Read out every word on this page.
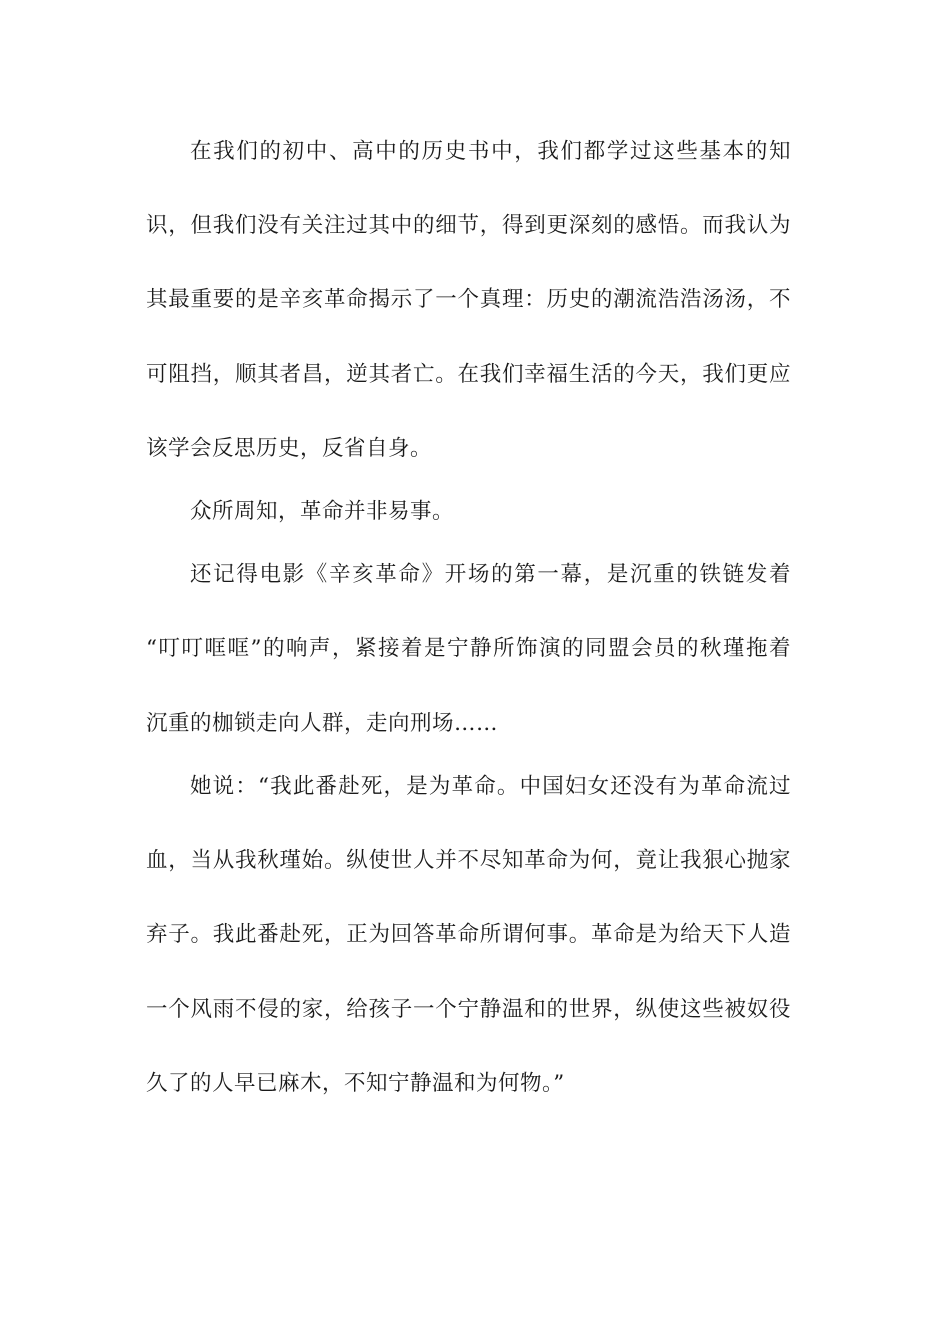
在我们的初中、高中的历史书中，我们都学过这些基本的知
识，但我们没有关注过其中的细节，得到更深刻的感悟。而我认为
其最重要的是辛亥革命揭示了一个真理：历史的潮流浩浩汤汤，不
可阻挡，顺其者昌，逆其者亡。在我们幸福生活的今天，我们更应
该学会反思历史，反省自身。
众所周知，革命并非易事。
还记得电影《辛亥革命》开场的第一幕，是沉重的铁链发着
“叮叮哐哐”的响声，紧接着是宁静所饰演的同盟会员的秋瑾拖着
沉重的枷锁走向人群，走向刑场……
她说：“我此番赴死，是为革命。中国妇女还没有为革命流过
血，当从我秋瑾始。纵使世人并不尽知革命为何，竟让我狠心抛家
弃子。我此番赴死，正为回答革命所谓何事。革命是为给天下人造
一个风雨不侵的家，给孩子一个宁静温和的世界，纵使这些被奴役
久了的人早已麻木，不知宁静温和为何物。”
